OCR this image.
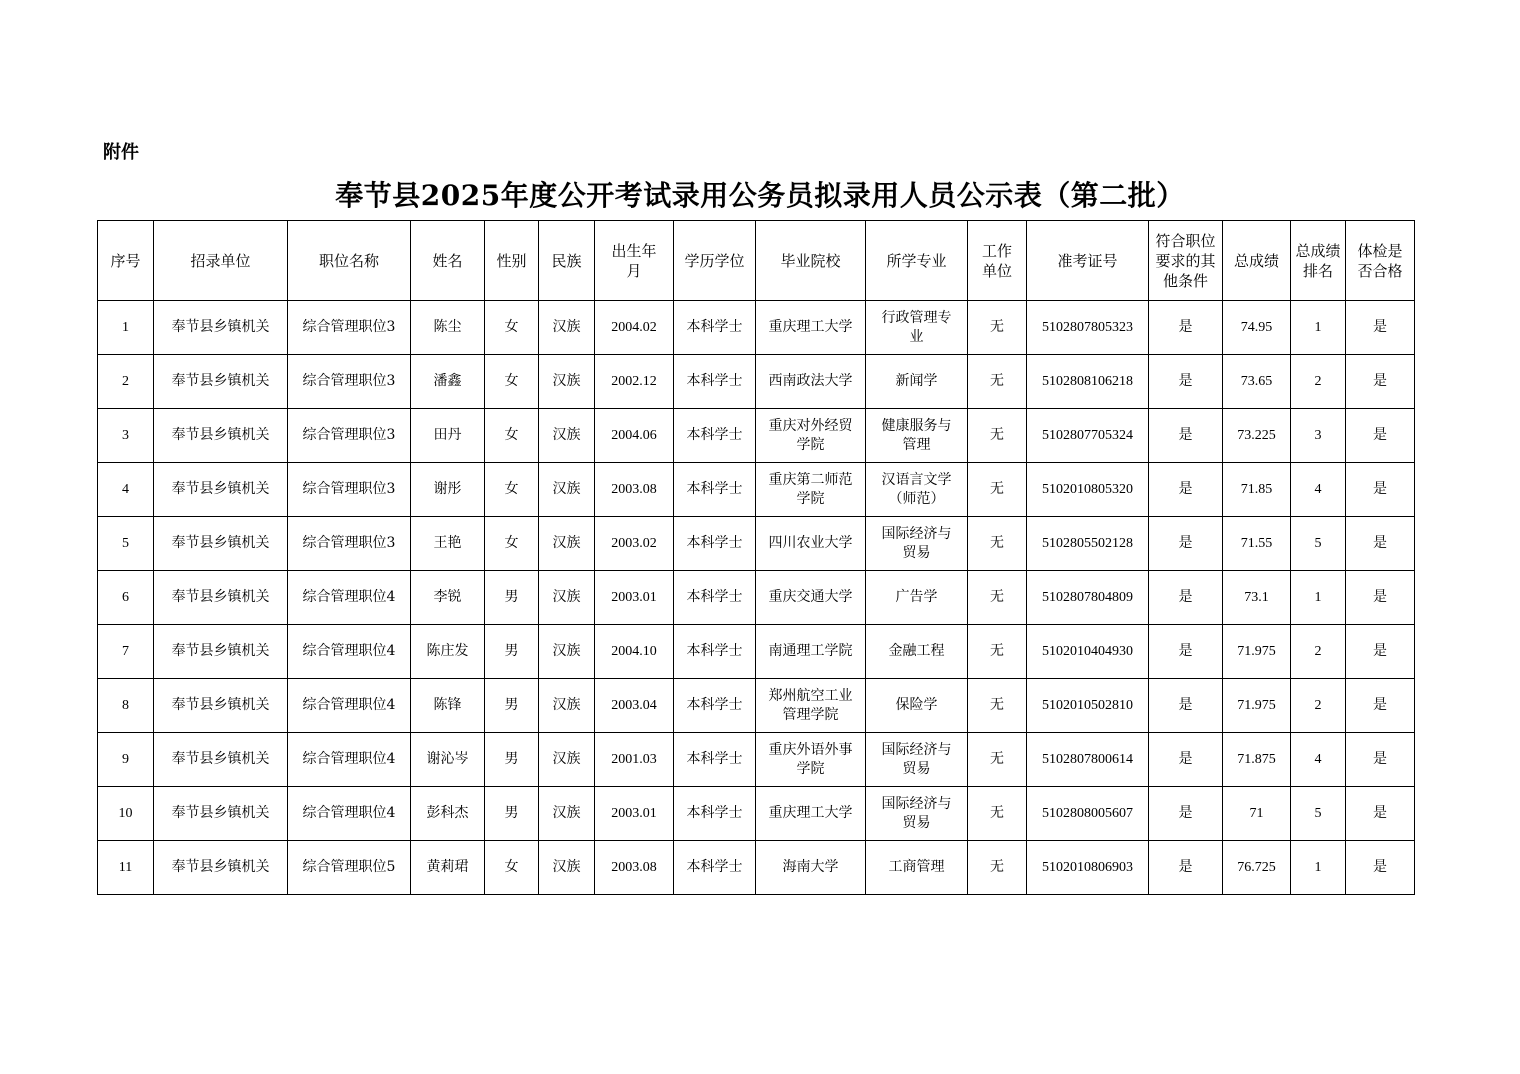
附件
奉节县2025年度公开考试录用公务员拟录用人员公示表（第二批）
序号	招录单位	职位名称	姓名	性别	民族	出生年月	学历学位	毕业院校	所学专业	工作单位	准考证号	符合职位要求的其他条件	总成绩	总成绩排名	体检是否合格
1	奉节县乡镇机关	综合管理职位3	陈尘	女	汉族	2004.02	本科学士	重庆理工大学	行政管理专业	无	5102807805323	是	74.95	1	是
2	奉节县乡镇机关	综合管理职位3	潘鑫	女	汉族	2002.12	本科学士	西南政法大学	新闻学	无	5102808106218	是	73.65	2	是
3	奉节县乡镇机关	综合管理职位3	田丹	女	汉族	2004.06	本科学士	重庆对外经贸学院	健康服务与管理	无	5102807705324	是	73.225	3	是
4	奉节县乡镇机关	综合管理职位3	谢彤	女	汉族	2003.08	本科学士	重庆第二师范学院	汉语言文学（师范）	无	5102010805320	是	71.85	4	是
5	奉节县乡镇机关	综合管理职位3	王艳	女	汉族	2003.02	本科学士	四川农业大学	国际经济与贸易	无	5102805502128	是	71.55	5	是
6	奉节县乡镇机关	综合管理职位4	李锐	男	汉族	2003.01	本科学士	重庆交通大学	广告学	无	5102807804809	是	73.1	1	是
7	奉节县乡镇机关	综合管理职位4	陈庄发	男	汉族	2004.10	本科学士	南通理工学院	金融工程	无	5102010404930	是	71.975	2	是
8	奉节县乡镇机关	综合管理职位4	陈锋	男	汉族	2003.04	本科学士	郑州航空工业管理学院	保险学	无	5102010502810	是	71.975	2	是
9	奉节县乡镇机关	综合管理职位4	谢沁岑	男	汉族	2001.03	本科学士	重庆外语外事学院	国际经济与贸易	无	5102807800614	是	71.875	4	是
10	奉节县乡镇机关	综合管理职位4	彭科杰	男	汉族	2003.01	本科学士	重庆理工大学	国际经济与贸易	无	5102808005607	是	71	5	是
11	奉节县乡镇机关	综合管理职位5	黄莉珺	女	汉族	2003.08	本科学士	海南大学	工商管理	无	5102010806903	是	76.725	1	是
